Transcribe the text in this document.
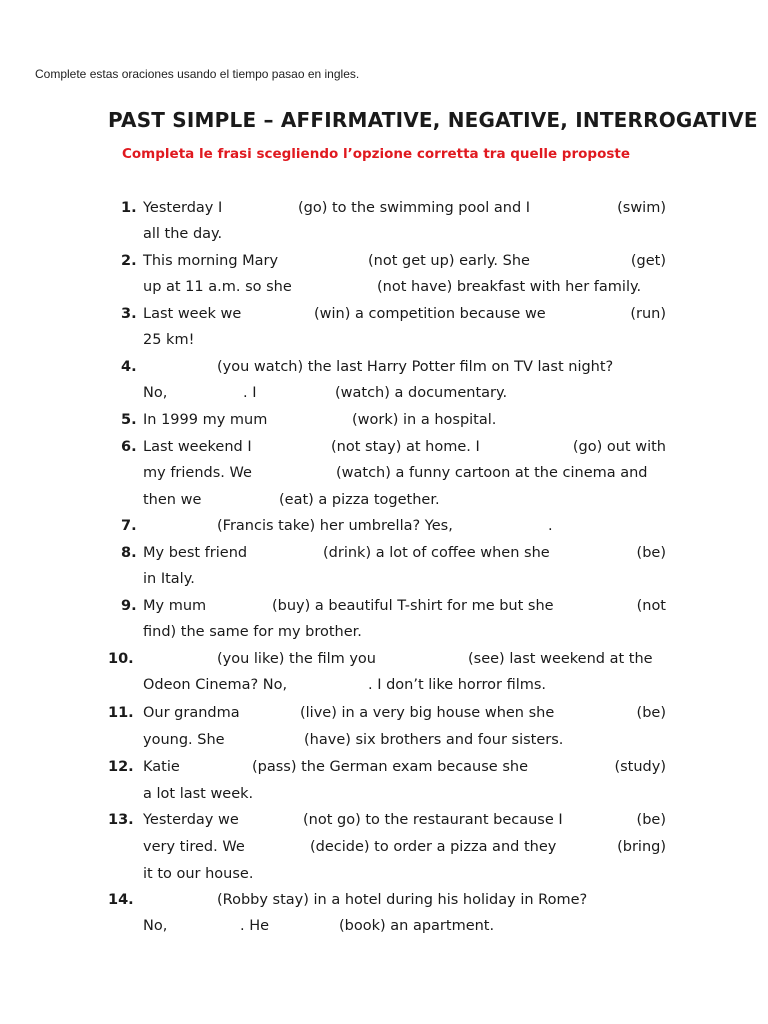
Complete estas oraciones usando el tiempo pasao en ingles.
PAST SIMPLE – AFFIRMATIVE, NEGATIVE, INTERROGATIVE
Completa le frasi scegliendo l’opzione corretta tra quelle proposte
1. Yesterday I	(go) to the swimming pool and I	(swim)
all the day.
2. This morning Mary	(not get up) early. She	(get)
up at 11 a.m. so she	(not have) breakfast with her family.
3. Last week we	(win) a competition because we	(run)
25 km!
4.	(you watch) the last Harry Potter film on TV last night?
No,	. I	(watch) a documentary.
5. In 1999 my mum	(work) in a hospital.
6. Last weekend I	(not stay) at home. I	(go) out with
my friends. We	(watch) a funny cartoon at the cinema and
then we	(eat) a pizza together.
7.	(Francis take) her umbrella? Yes,	.
8. My best friend	(drink) a lot of coffee when she	(be)
in Italy.
9. My mum	(buy) a beautiful T-shirt for me but she	(not
find) the same for my brother.
10.	(you like) the film you	(see) last weekend at the
Odeon Cinema? No,	. I don’t like horror films.
11. Our grandma	(live) in a very big house when she	(be)
young. She	(have) six brothers and four sisters.
12. Katie	(pass) the German exam because she	(study)
a lot last week.
13. Yesterday we	(not go) to the restaurant because I	(be)
very tired. We	(decide) to order a pizza and they	(bring)
it to our house.
14.	(Robby stay) in a hotel during his holiday in Rome?
No,	. He	(book) an apartment.
